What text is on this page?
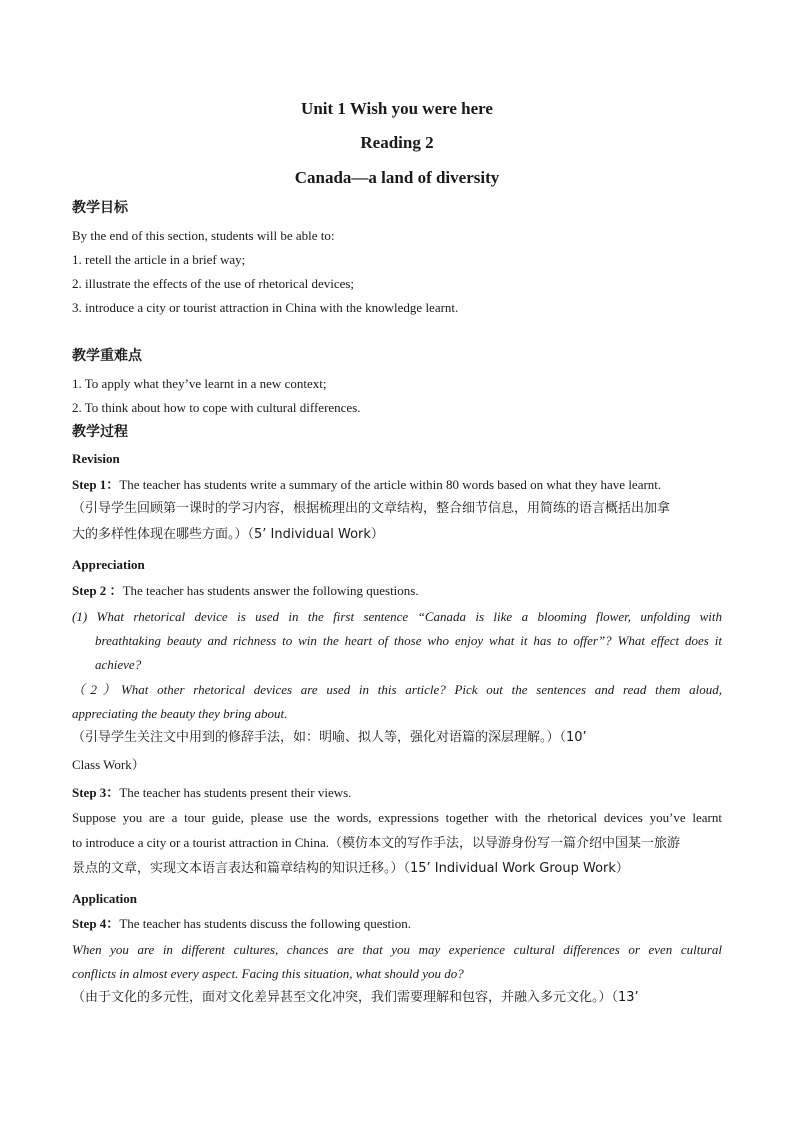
Unit 1 Wish you were here
Reading 2
Canada—a land of diversity
教学目标
By the end of this section, students will be able to:
1. retell the article in a brief way;
2. illustrate the effects of the use of rhetorical devices;
3. introduce a city or tourist attraction in China with the knowledge learnt.
教学重难点
1. To apply what they’ve learnt in a new context;
2. To think about how to cope with cultural differences.
教学过程
Revision
Step 1：The teacher has students write a summary of the article within 80 words based on what they have learnt.
（引导学生回顾第一课时的学习内容，根据梳理出的文章结构，整合细节信息，用简练的语言概括出加拿
大的多样性体现在哪些方面。）（5’ Individual Work）
Appreciation
Step 2 ：The teacher has students answer the following questions.
(1) What rhetorical device is used in the first sentence “Canada is like a blooming flower, unfolding with
breathtaking beauty and richness to win the heart of those who enjoy what it has to offer”? What effect does it
achieve?
（2）What other rhetorical devices are used in this article? Pick out the sentences and read them aloud,
appreciating the beauty they bring about.
（引导学生关注文中用到的修辞手法，如：明喻、拟人等，强化对语篇的深层理解。）（10’
Class Work）
Step 3：The teacher has students present their views.
Suppose you are a tour guide, please use the words, expressions together with the rhetorical devices you’ve learnt
to introduce a city or a tourist attraction in China.（模仿本文的写作手法，以导游身份写一篇介绍中国某一旅游
景点的文章，实现文本语言表达和篇章结构的知识迁移。）（15’ Individual Work Group Work）
Application
Step 4：The teacher has students discuss the following question.
When you are in different cultures, chances are that you may experience cultural differences or even cultural
conflicts in almost every aspect. Facing this situation, what should you do?
（由于文化的多元性，面对文化差异甚至文化冲突，我们需要理解和包容，并融入多元文化。）（13’
